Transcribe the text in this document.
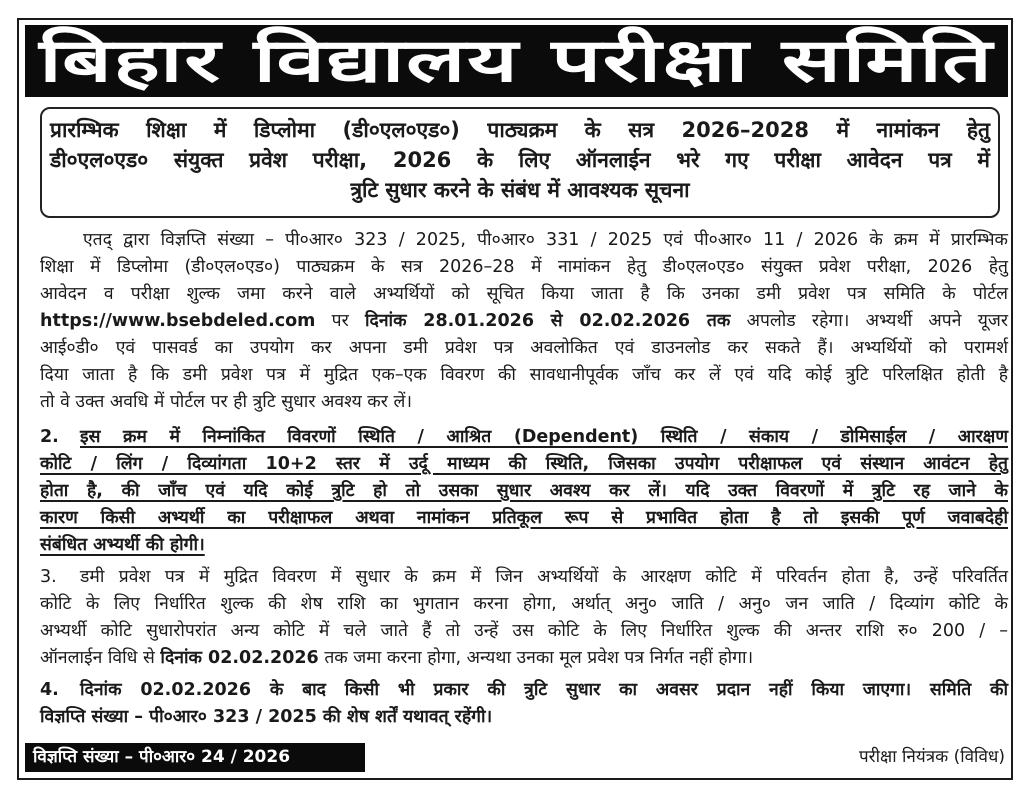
बिहार विद्यालय परीक्षा समिति
प्रारम्भिक शिक्षा में डिप्लोमा (डी०एल०एड०) पाठ्यक्रम के सत्र 2026–2028 में नामांकन हेतु
डी०एल०एड० संयुक्त प्रवेश परीक्षा, 2026 के लिए ऑनलाईन भरे गए परीक्षा आवेदन पत्र में
त्रुटि सुधार करने के संबंध में आवश्यक सूचना
एतद् द्वारा विज्ञप्ति संख्या – पी०आर० 323 / 2025, पी०आर० 331 / 2025 एवं पी०आर० 11 / 2026 के क्रम में प्रारम्भिक
शिक्षा में डिप्लोमा (डी०एल०एड०) पाठ्यक्रम के सत्र 2026–28 में नामांकन हेतु डी०एल०एड० संयुक्त प्रवेश परीक्षा, 2026 हेतु
आवेदन व परीक्षा शुल्क जमा करने वाले अभ्यर्थियों को सूचित किया जाता है कि उनका डमी प्रवेश पत्र समिति के पोर्टल
https://www.bsebdeled.com पर दिनांक 28.01.2026 से 02.02.2026 तक अपलोड रहेगा। अभ्यर्थी अपने यूजर
आई०डी० एवं पासवर्ड का उपयोग कर अपना डमी प्रवेश पत्र अवलोकित एवं डाउनलोड कर सकते हैं। अभ्यर्थियों को परामर्श
दिया जाता है कि डमी प्रवेश पत्र में मुद्रित एक–एक विवरण की सावधानीपूर्वक जाँच कर लें एवं यदि कोई त्रुटि परिलक्षित होती है
तो वे उक्त अवधि में पोर्टल पर ही त्रुटि सुधार अवश्य कर लें।
2. इस क्रम में निम्नांकित विवरणों स्थिति / आश्रित (Dependent) स्थिति / संकाय / डोमिसाईल / आरक्षण
कोटि / लिंग / दिव्यांगता 10+2 स्तर में उर्दू माध्यम की स्थिति, जिसका उपयोग परीक्षाफल एवं संस्थान आवंटन हेतु
होता है, की जाँच एवं यदि कोई त्रुटि हो तो उसका सुधार अवश्य कर लें। यदि उक्त विवरणों में त्रुटि रह जाने के
कारण किसी अभ्यर्थी का परीक्षाफल अथवा नामांकन प्रतिकूल रूप से प्रभावित होता है तो इसकी पूर्ण जवाबदेही
संबंधित अभ्यर्थी की होगी।
3. डमी प्रवेश पत्र में मुद्रित विवरण में सुधार के क्रम में जिन अभ्यर्थियों के आरक्षण कोटि में परिवर्तन होता है, उन्हें परिवर्तित
कोटि के लिए निर्धारित शुल्क की शेष राशि का भुगतान करना होगा, अर्थात् अनु० जाति / अनु० जन जाति / दिव्यांग कोटि के
अभ्यर्थी कोटि सुधारोपरांत अन्य कोटि में चले जाते हैं तो उन्हें उस कोटि के लिए निर्धारित शुल्क की अन्तर राशि रु० 200 / –
ऑनलाईन विधि से दिनांक 02.02.2026 तक जमा करना होगा, अन्यथा उनका मूल प्रवेश पत्र निर्गत नहीं होगा।
4. दिनांक 02.02.2026 के बाद किसी भी प्रकार की त्रुटि सुधार का अवसर प्रदान नहीं किया जाएगा। समिति की
विज्ञप्ति संख्या – पी०आर० 323 / 2025 की शेष शर्तें यथावत् रहेंगी।
विज्ञप्ति संख्या – पी०आर० 24 / 2026	परीक्षा नियंत्रक (विविध)
